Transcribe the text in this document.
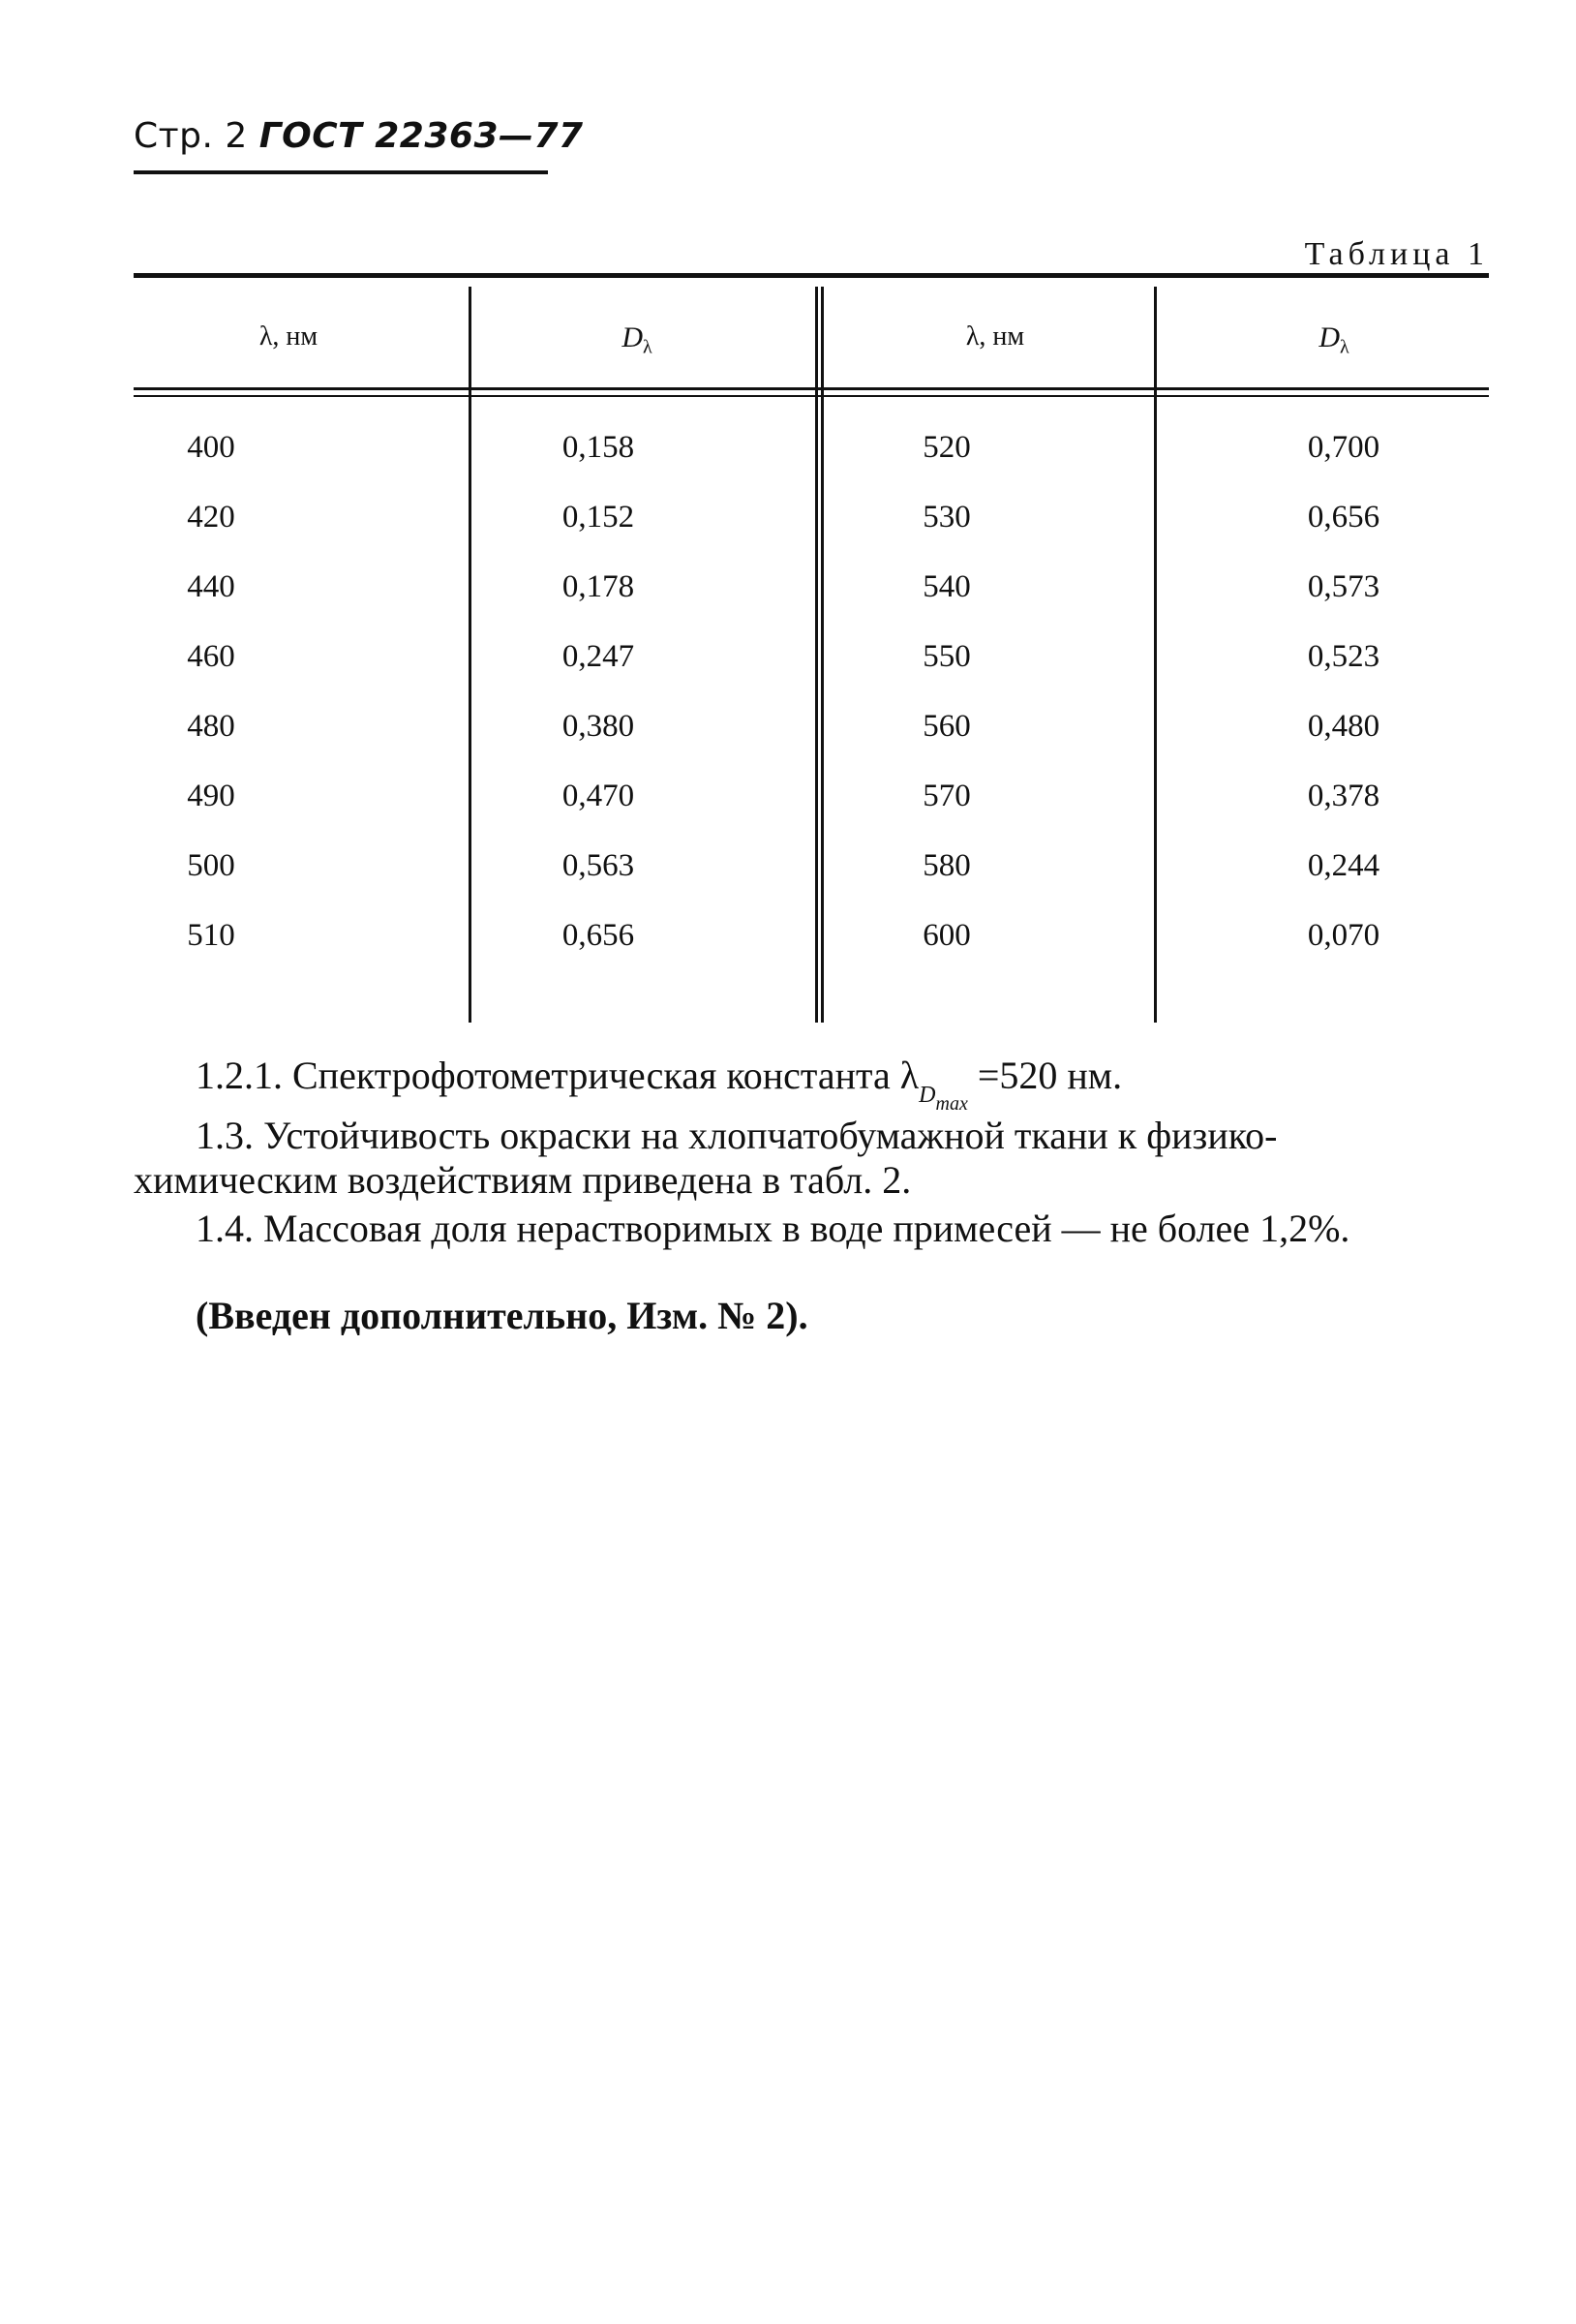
Стр. 2 ГОСТ 22363—77
Таблица 1
λ, нм	$D_\lambda$	λ, нм	$D_\lambda$
400	0,158	520	0,700
420	0,152	530	0,656
440	0,178	540	0,573
460	0,247	550	0,523
480	0,380	560	0,480
490	0,470	570	0,378
500	0,563	580	0,244
510	0,656	600	0,070
1.2.1. Спектрофотометрическая константа $\lambda_{D_{max}} =520$ нм.
1.3. Устойчивость окраски на хлопчатобумажной ткани к физико-химическим воздействиям приведена в табл. 2.
1.4. Массовая доля нерастворимых в воде примесей — не более 1,2%.
(Введен дополнительно, Изм. № 2).
